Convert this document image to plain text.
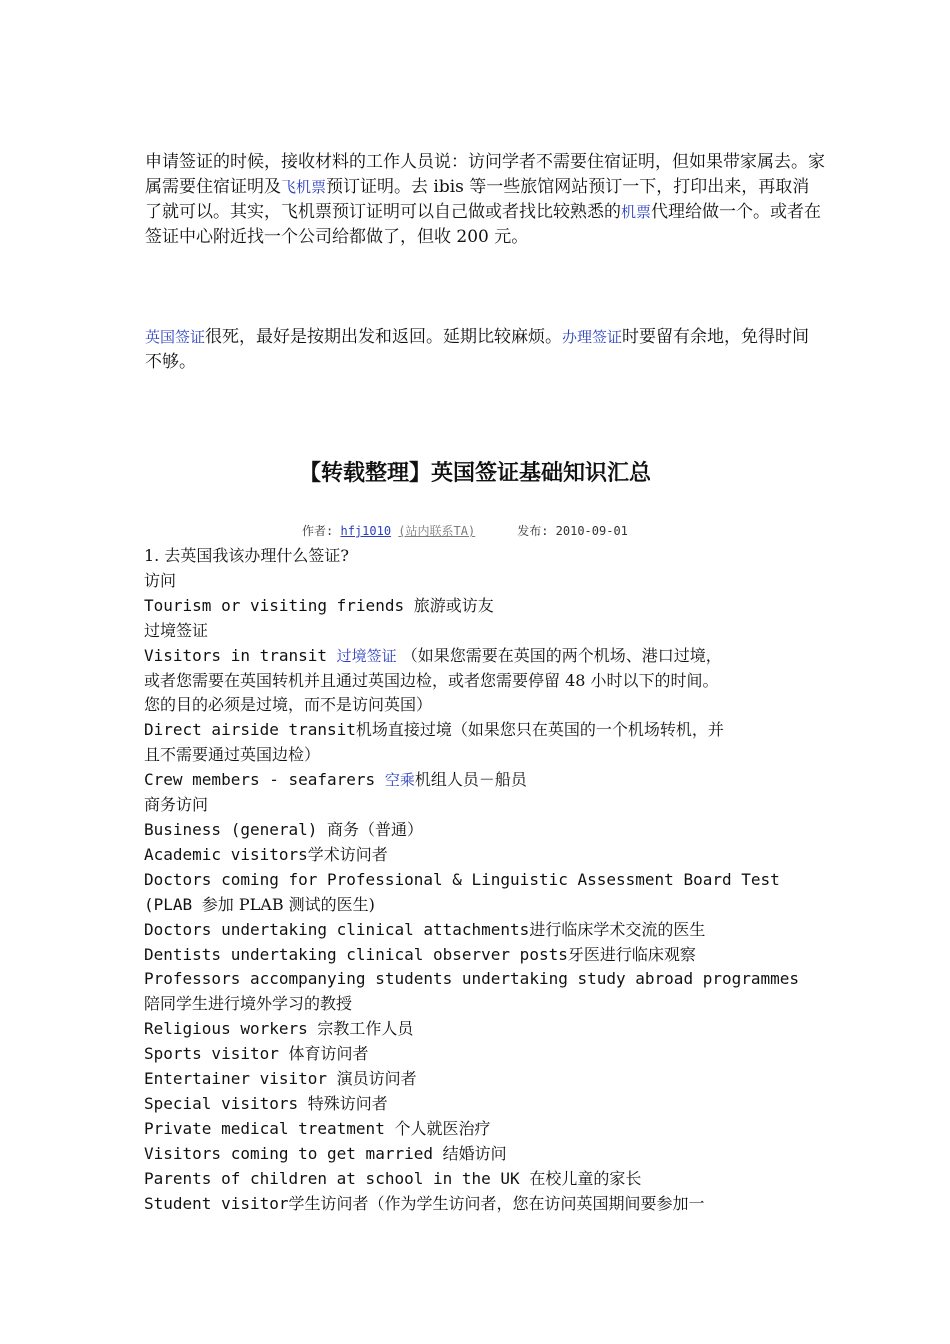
申请签证的时候，接收材料的工作人员说：访问学者不需要住宿证明，但如果带家属去。家属需要住宿证明及飞机票预订证明。去 ibis 等一些旅馆网站预订一下，打印出来，再取消了就可以。其实，飞机票预订证明可以自己做或者找比较熟悉的机票代理给做一个。或者在签证中心附近找一个公司给都做了，但收 200 元。

英国签证很死，最好是按期出发和返回。延期比较麻烦。办理签证时要留有余地，免得时间不够。

【转载整理】英国签证基础知识汇总
作者: hfj1010 (站内联系TA)	发布: 2010-09-01
1. 去英国我该办理什么签证?
访问
Tourism or visiting friends 旅游或访友
过境签证
Visitors in transit 过境签证 （如果您需要在英国的两个机场、港口过境，
或者您需要在英国转机并且通过英国边检，或者您需要停留 48 小时以下的时间。
您的目的必须是过境，而不是访问英国）
Direct airside transit机场直接过境（如果您只在英国的一个机场转机，并
且不需要通过英国边检）
Crew members - seafarers 空乘机组人员－船员
商务访问
Business (general) 商务（普通）
Academic visitors学术访问者
Doctors coming for Professional & Linguistic Assessment Board Test
(PLAB 参加 PLAB 测试的医生)
Doctors undertaking clinical attachments进行临床学术交流的医生
Dentists undertaking clinical observer posts牙医进行临床观察
Professors accompanying students undertaking study abroad programmes
陪同学生进行境外学习的教授
Religious workers 宗教工作人员
Sports visitor 体育访问者
Entertainer visitor 演员访问者
Special visitors 特殊访问者
Private medical treatment 个人就医治疗
Visitors coming to get married 结婚访问
Parents of children at school in the UK 在校儿童的家长
Student visitor学生访问者（作为学生访问者，您在访问英国期间要参加一
